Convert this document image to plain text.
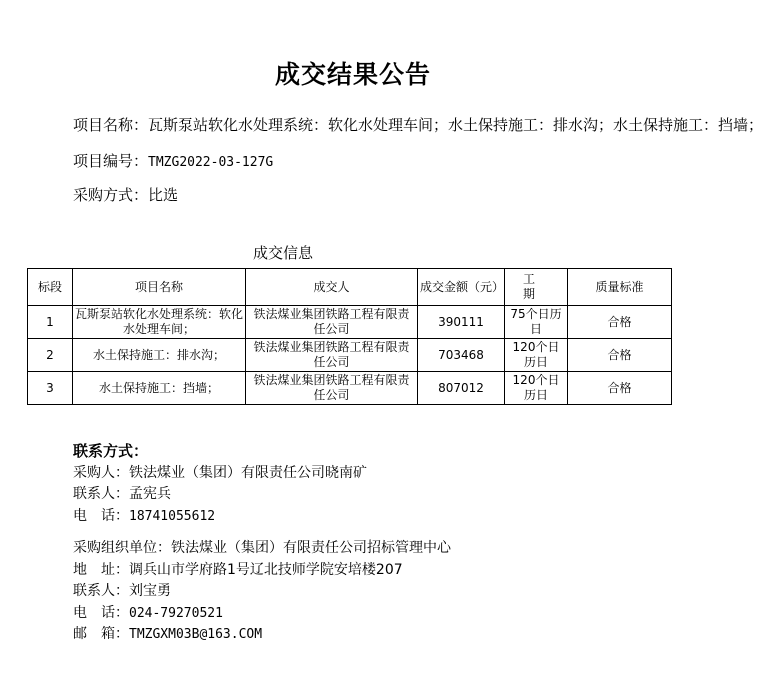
成交结果公告
项目名称：瓦斯泵站软化水处理系统：软化水处理车间；水土保持施工：排水沟；水土保持施工：挡墙；
项目编号：TMZG2022-03-127G
采购方式：比选
成交信息
标段	项目名称	成交人	成交金额（元）	工 期	质量标准
1	瓦斯泵站软化水处理系统：软化水处理车间；	铁法煤业集团铁路工程有限责任公司	390111	75个日历日	合格
2	水土保持施工：排水沟；	铁法煤业集团铁路工程有限责任公司	703468	120个日历日	合格
3	水土保持施工：挡墙；	铁法煤业集团铁路工程有限责任公司	807012	120个日历日	合格
联系方式：
采购人：铁法煤业（集团）有限责任公司晓南矿
联系人：孟宪兵
电　话：18741055612
采购组织单位：铁法煤业（集团）有限责任公司招标管理中心
地　址：调兵山市学府路1号辽北技师学院安培楼207
联系人：刘宝勇
电　话：024-79270521
邮　箱：TMZGXM03B@163.COM
